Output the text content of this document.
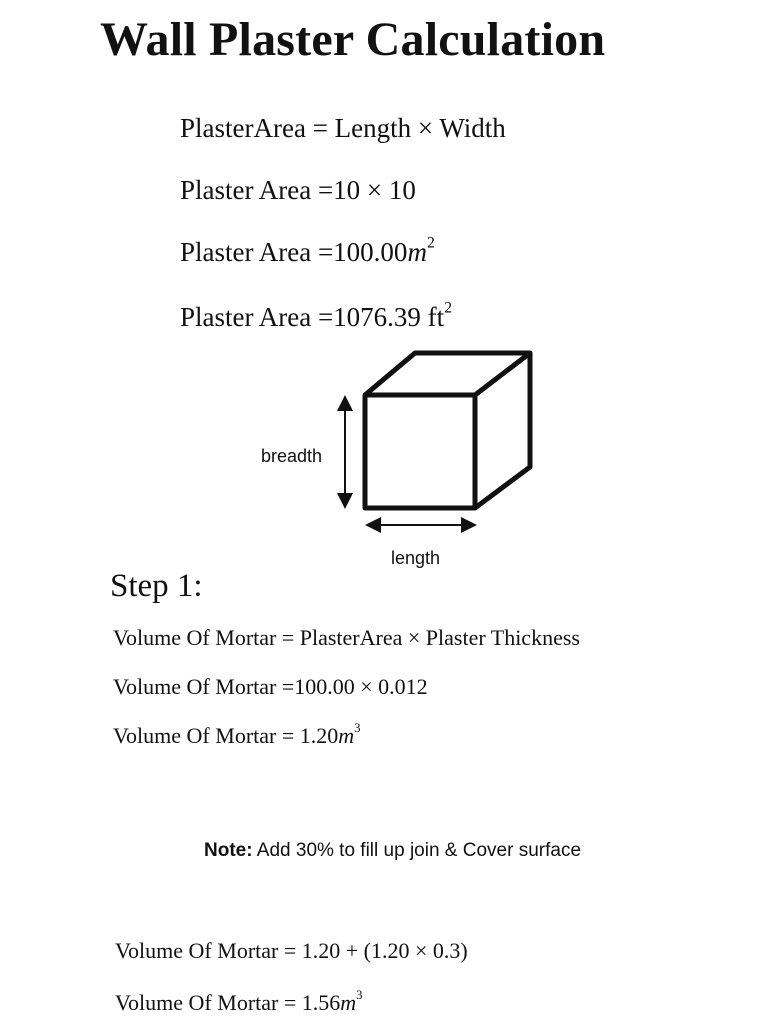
Wall Plaster Calculation
PlasterArea = Length × Width
Plaster Area =10 × 10
Plaster Area $=100.00m^2$
Plaster Area =1076.39 $ft^2$
breadth
length
Step 1:
Volume Of Mortar = PlasterArea × Plaster Thickness
Volume Of Mortar =100.00 × 0.012
Volume Of Mortar = $1.20m^3$
Note: Add 30% to fill up join & Cover surface
Volume Of Mortar = 1.20 + (1.20 × 0.3)
Volume Of Mortar = $1.56m^3$
